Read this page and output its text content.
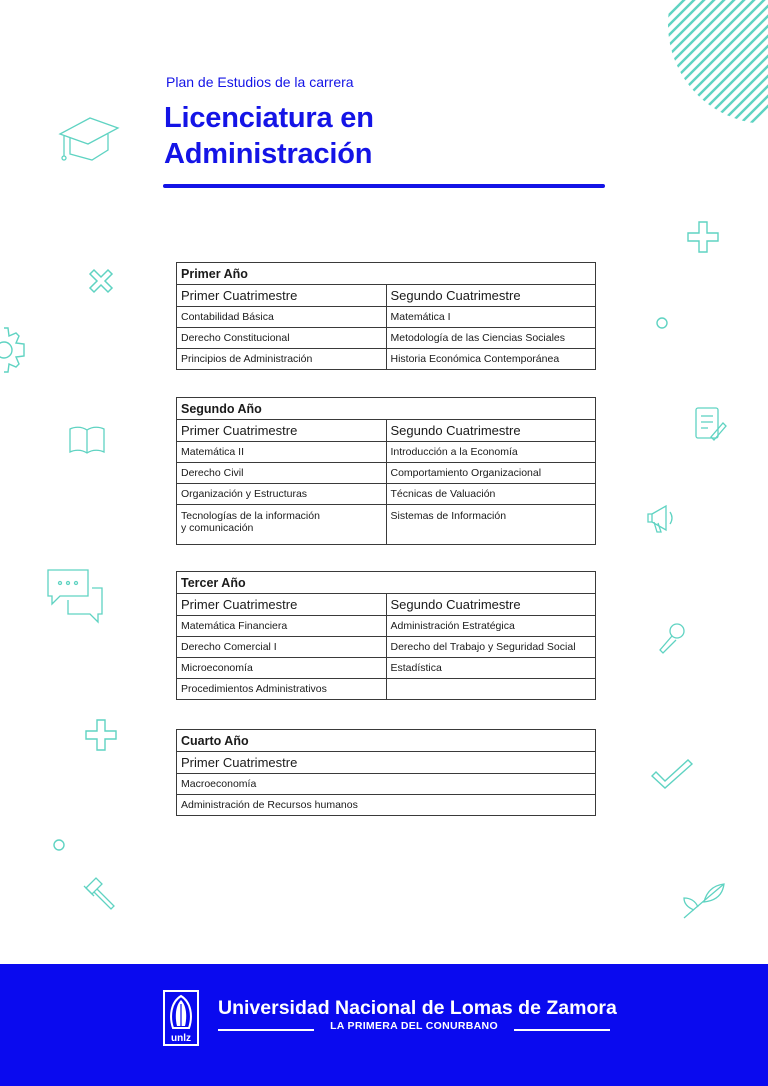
Plan de Estudios de la carrera
Licenciatura en
Administración
Primer Año	
Primer Cuatrimestre	Segundo Cuatrimestre
Contabilidad Básica	Matemática I
Derecho Constitucional	Metodología de las Ciencias Sociales
Principios de Administración	Historia Económica Contemporánea
Segundo Año	
Primer Cuatrimestre	Segundo Cuatrimestre
Matemática II	Introducción a la Economía
Derecho Civil	Comportamiento Organizacional
Organización y Estructuras	Técnicas de Valuación
Tecnologías de la información
y comunicación	Sistemas de Información
Tercer Año	
Primer Cuatrimestre	Segundo Cuatrimestre
Matemática Financiera	Administración Estratégica
Derecho Comercial I	Derecho del Trabajo y Seguridad Social
Microeconomía	Estadística
Procedimientos Administrativos	
Cuarto Año
Primer Cuatrimestre
Macroeconomía
Administración de Recursos humanos
unlz
Universidad Nacional de Lomas de Zamora
LA PRIMERA DEL CONURBANO
